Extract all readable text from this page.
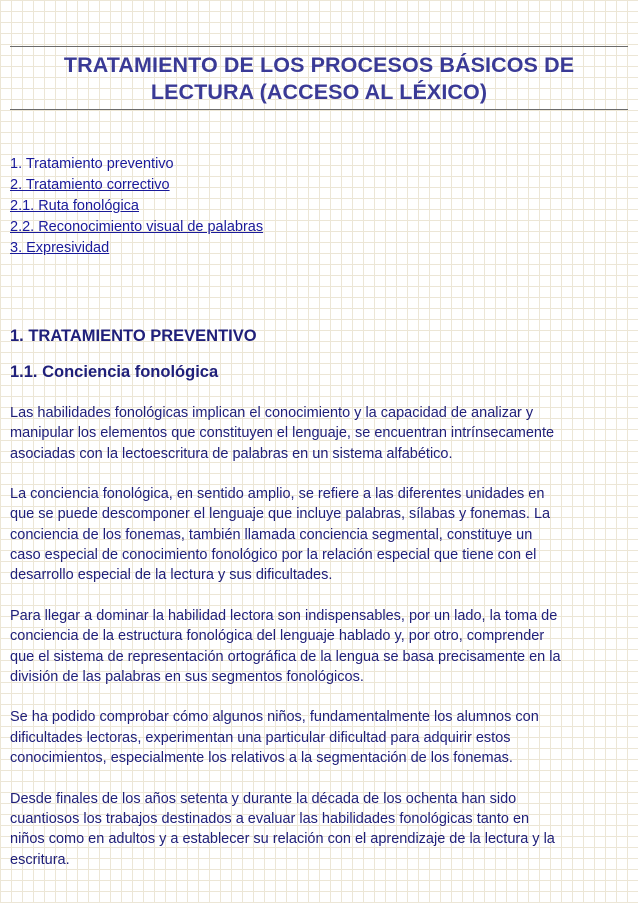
TRATAMIENTO DE LOS PROCESOS BÁSICOS DE
LECTURA (ACCESO AL LÉXICO)
1. Tratamiento preventivo
2. Tratamiento correctivo
2.1. Ruta fonológica
2.2. Reconocimiento visual de palabras
3. Expresividad
1. TRATAMIENTO PREVENTIVO
1.1. Conciencia fonológica

Las habilidades fonológicas implican el conocimiento y la capacidad de analizar y
manipular los elementos que constituyen el lenguaje, se encuentran intrínsecamente
asociadas con la lectoescritura de palabras en un sistema alfabético.

La conciencia fonológica, en sentido amplio, se refiere a las diferentes unidades en
que se puede descomponer el lenguaje que incluye palabras, sílabas y fonemas. La
conciencia de los fonemas, también llamada conciencia segmental, constituye un
caso especial de conocimiento fonológico por la relación especial que tiene con el
desarrollo especial de la lectura y sus dificultades.

Para llegar a dominar la habilidad lectora son indispensables, por un lado, la toma de
conciencia de la estructura fonológica del lenguaje hablado y, por otro, comprender
que el sistema de representación ortográfica de la lengua se basa precisamente en la
división de las palabras en sus segmentos fonológicos.

Se ha podido comprobar cómo algunos niños, fundamentalmente los alumnos con
dificultades lectoras, experimentan una particular dificultad para adquirir estos
conocimientos, especialmente los relativos a la segmentación de los fonemas.

Desde finales de los años setenta y durante la década de los ochenta han sido
cuantiosos los trabajos destinados a evaluar las habilidades fonológicas tanto en
niños como en adultos y a establecer su relación con el aprendizaje de la lectura y la
escritura.
